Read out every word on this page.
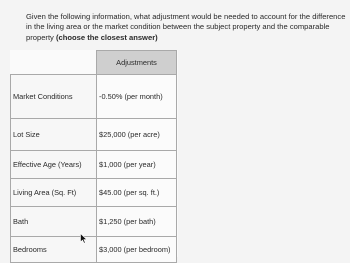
Given the following information, what adjustment would be needed to account for the difference in the living area or the market condition between the subject property and the comparable property (choose the closest answer)

	Adjustments
Market Conditions	-0.50% (per month)
Lot Size	$25,000 (per acre)
Effective Age (Years)	$1,000 (per year)
Living Area (Sq. Ft)	$45.00 (per sq. ft.)
Bath	$1,250 (per bath)
Bedrooms	$3,000 (per bedroom)
